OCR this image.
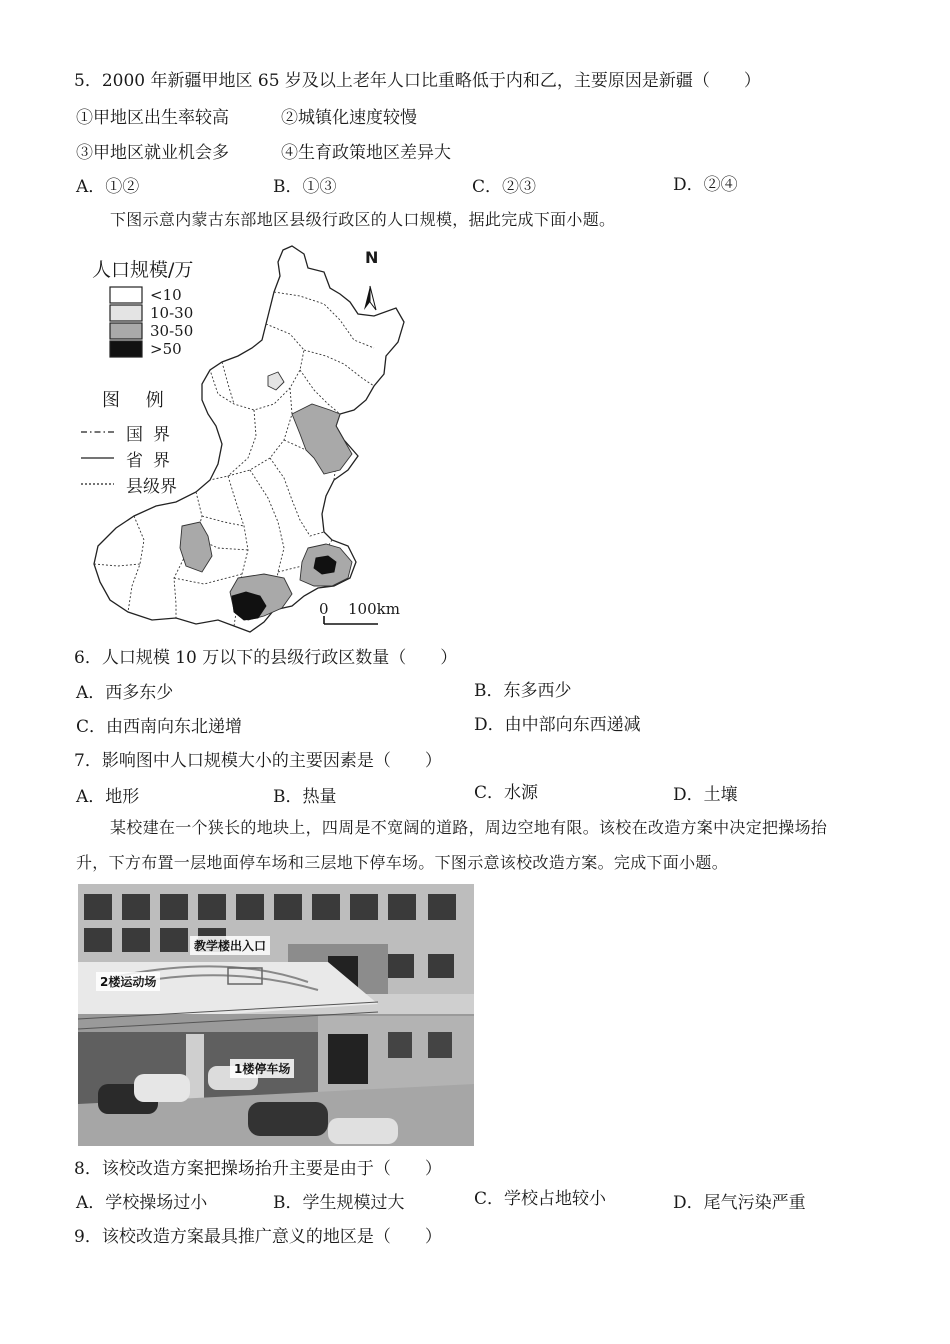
5．2000 年新疆甲地区 65 岁及以上老年人口比重略低于内和乙，主要原因是新疆（　　）
①甲地区出生率较高	②城镇化速度较慢
③甲地区就业机会多	④生育政策地区差异大
A．①②	B．①③	C．②③	D．②④
下图示意内蒙古东部地区县级行政区的人口规模，据此完成下面小题。
人口规模/万
<10
10-30
30-50
>50
图 例
国界
省界
县级界
N
0 100km
6．人口规模 10 万以下的县级行政区数量（　　）
A．西多东少	B．东多西少
C．由西南向东北递增	D．由中部向东西递减
7．影响图中人口规模大小的主要因素是（　　）
A．地形	B．热量	C．水源	D．土壤
某校建在一个狭长的地块上，四周是不宽阔的道路，周边空地有限。该校在改造方案中决定把操场抬
升，下方布置一层地面停车场和三层地下停车场。下图示意该校改造方案。完成下面小题。
教学楼出入口
2楼运动场
1楼停车场
8．该校改造方案把操场抬升主要是由于（　　）
A．学校操场过小	B．学生规模过大	C．学校占地较小	D．尾气污染严重
9．该校改造方案最具推广意义的地区是（　　）
